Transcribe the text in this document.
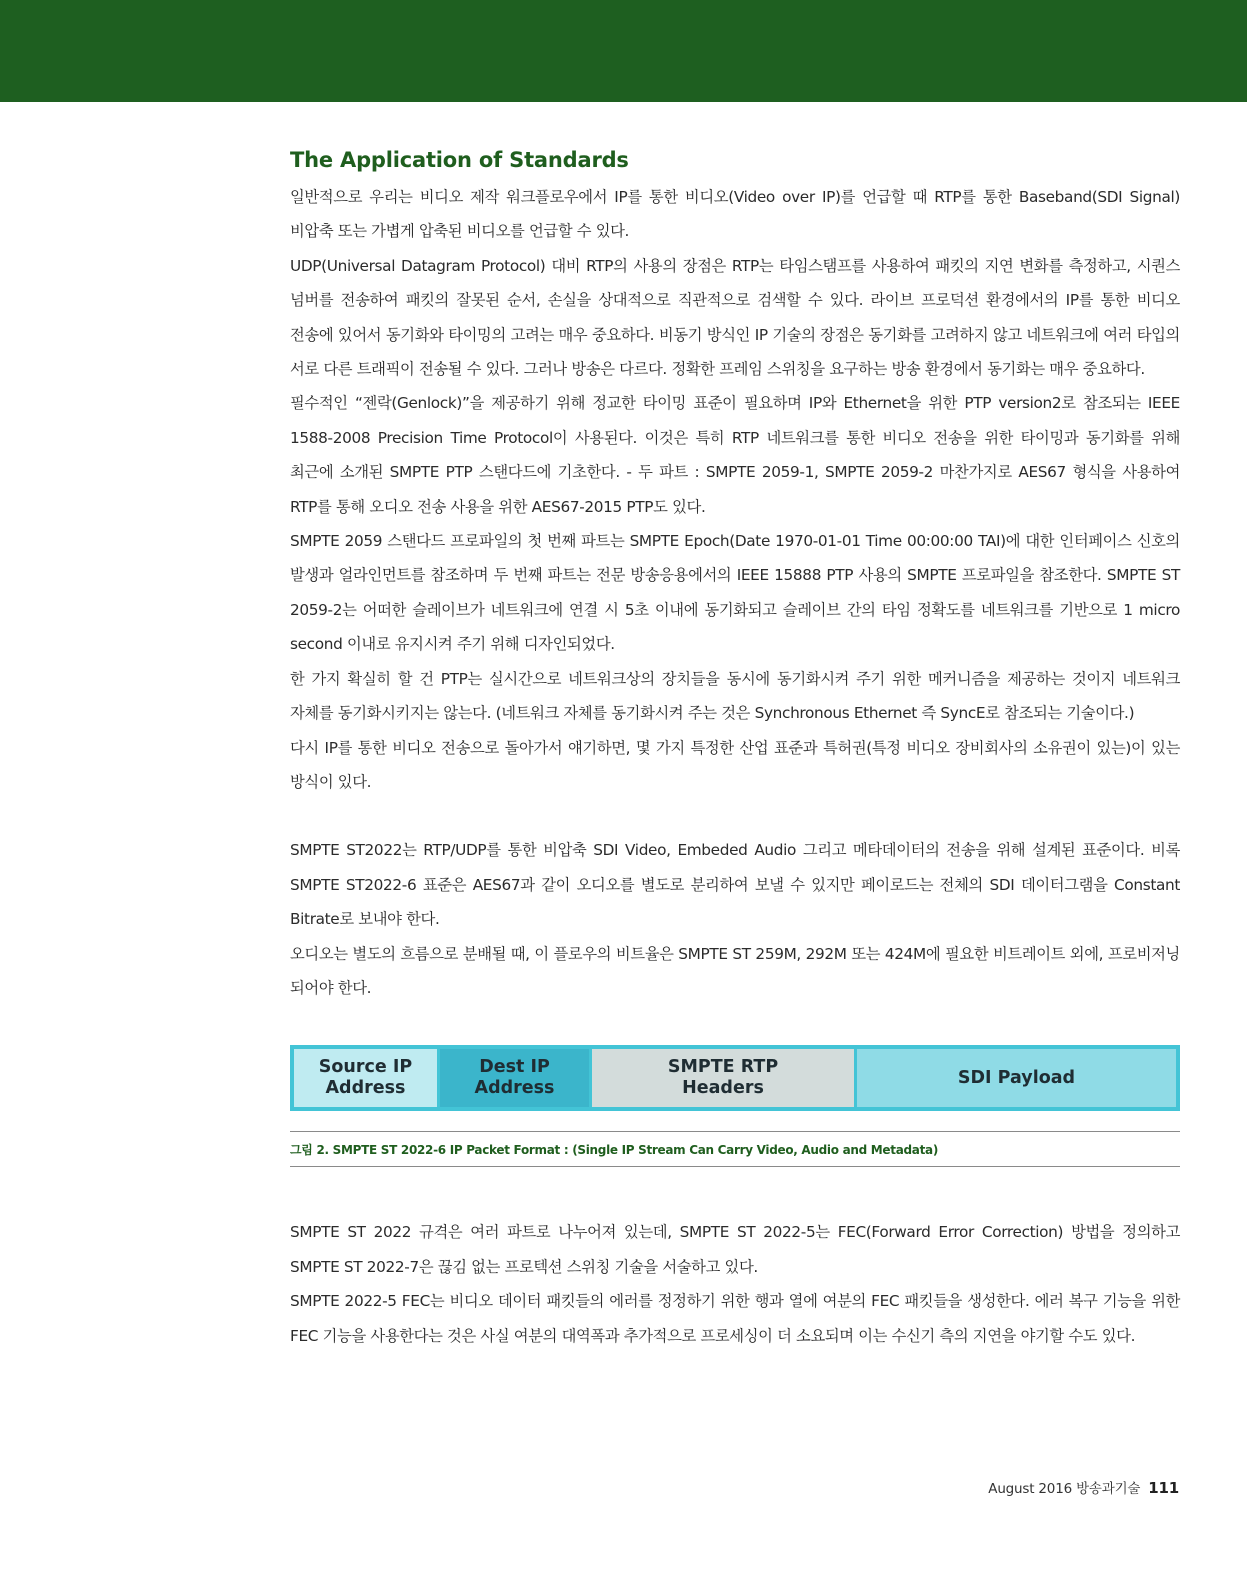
The Application of Standards

일반적으로 우리는 비디오 제작 워크플로우에서 IP를 통한 비디오(Video over IP)를 언급할 때 RTP를 통한 Baseband(SDI Signal) 비압축 또는 가볍게 압축된 비디오를 언급할 수 있다.

UDP(Universal Datagram Protocol) 대비 RTP의 사용의 장점은 RTP는 타임스탬프를 사용하여 패킷의 지연 변화를 측정하고, 시퀀스 넘버를 전송하여 패킷의 잘못된 순서, 손실을 상대적으로 직관적으로 검색할 수 있다. 라이브 프로덕션 환경에서의 IP를 통한 비디오 전송에 있어서 동기화와 타이밍의 고려는 매우 중요하다. 비동기 방식인 IP 기술의 장점은 동기화를 고려하지 않고 네트워크에 여러 타입의 서로 다른 트래픽이 전송될 수 있다. 그러나 방송은 다르다. 정확한 프레임 스위칭을 요구하는 방송 환경에서 동기화는 매우 중요하다.

필수적인 “젠락(Genlock)”을 제공하기 위해 정교한 타이밍 표준이 필요하며 IP와 Ethernet을 위한 PTP version2로 참조되는 IEEE 1588-2008 Precision Time Protocol이 사용된다. 이것은 특히 RTP 네트워크를 통한 비디오 전송을 위한 타이밍과 동기화를 위해 최근에 소개된 SMPTE PTP 스탠다드에 기초한다. - 두 파트 : SMPTE 2059-1, SMPTE 2059-2 마찬가지로 AES67 형식을 사용하여 RTP를 통해 오디오 전송 사용을 위한 AES67-2015 PTP도 있다.

SMPTE 2059 스탠다드 프로파일의 첫 번째 파트는 SMPTE Epoch(Date 1970-01-01 Time 00:00:00 TAI)에 대한 인터페이스 신호의 발생과 얼라인먼트를 참조하며 두 번째 파트는 전문 방송응용에서의 IEEE 15888 PTP 사용의 SMPTE 프로파일을 참조한다. SMPTE ST 2059-2는 어떠한 슬레이브가 네트워크에 연결 시 5초 이내에 동기화되고 슬레이브 간의 타임 정확도를 네트워크를 기반으로 1 micro second 이내로 유지시켜 주기 위해 디자인되었다.

한 가지 확실히 할 건 PTP는 실시간으로 네트워크상의 장치들을 동시에 동기화시켜 주기 위한 메커니즘을 제공하는 것이지 네트워크 자체를 동기화시키지는 않는다. (네트워크 자체를 동기화시켜 주는 것은 Synchronous Ethernet 즉 SyncE로 참조되는 기술이다.)

다시 IP를 통한 비디오 전송으로 돌아가서 얘기하면, 몇 가지 특정한 산업 표준과 특허권(특정 비디오 장비회사의 소유권이 있는)이 있는 방식이 있다.

SMPTE ST2022는 RTP/UDP를 통한 비압축 SDI Video, Embeded Audio 그리고 메타데이터의 전송을 위해 설계된 표준이다. 비록 SMPTE ST2022-6 표준은 AES67과 같이 오디오를 별도로 분리하여 보낼 수 있지만 페이로드는 전체의 SDI 데이터그램을 Constant Bitrate로 보내야 한다.

오디오는 별도의 흐름으로 분배될 때, 이 플로우의 비트율은 SMPTE ST 259M, 292M 또는 424M에 필요한 비트레이트 외에, 프로비저닝 되어야 한다.

Source IP
Address
Dest IP
Address
SMPTE RTP
Headers
SDI Payload
그림 2. SMPTE ST 2022-6 IP Packet Format : (Single IP Stream Can Carry Video, Audio and Metadata)

SMPTE ST 2022 규격은 여러 파트로 나누어져 있는데, SMPTE ST 2022-5는 FEC(Forward Error Correction) 방법을 정의하고 SMPTE ST 2022-7은 끊김 없는 프로텍션 스위칭 기술을 서술하고 있다.

SMPTE 2022-5 FEC는 비디오 데이터 패킷들의 에러를 정정하기 위한 행과 열에 여분의 FEC 패킷들을 생성한다. 에러 복구 기능을 위한 FEC 기능을 사용한다는 것은 사실 여분의 대역폭과 추가적으로 프로세싱이 더 소요되며 이는 수신기 측의 지연을 야기할 수도 있다.

August 2016 방송과기술 111
